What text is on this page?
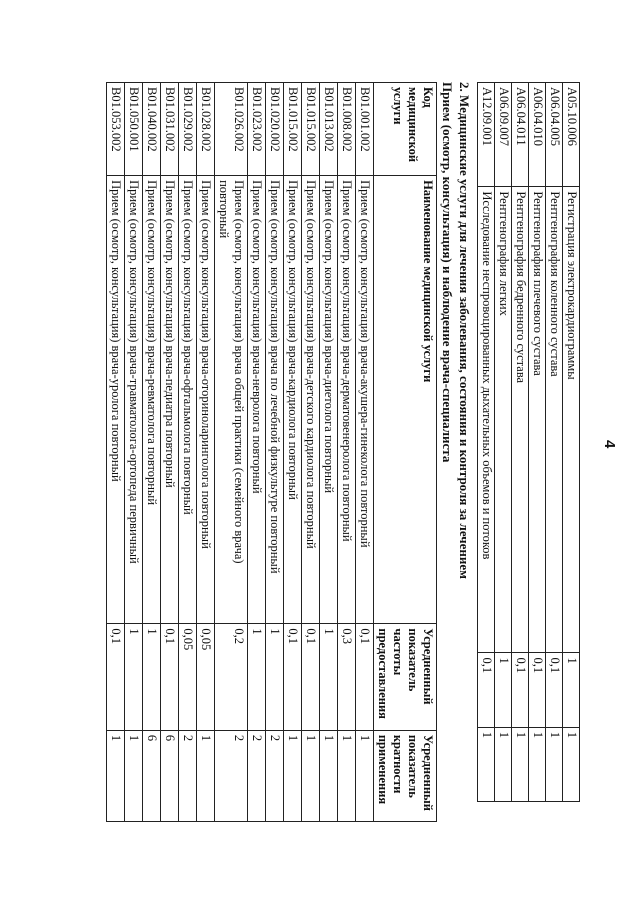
4
A05.10.006	Регистрация электрокардиограммы	1	1
A06.04.005	Рентгенография коленного сустава	0,1	1
A06.04.010	Рентгенография плечевого сустава	0,1	1
A06.04.011	Рентгенография бедренного сустава	0,1	1
A06.09.007	Рентгенография легких	1	1
A12.09.001	Исследование неспровоцированных дыхательных объемов и потоков	0,1	1
2. Медицинские услуги для лечения заболевания, состояния и контроля за лечением
Прием (осмотр, консультация) и наблюдение врача-специалиста
Код медицинской услуги	Наименование медицинской услуги	Усредненный показатель частоты предоставления	Усредненный показатель кратности применения
B01.001.002	Прием (осмотр, консультация) врача-акушера-гинеколога повторный	0,1	1
B01.008.002	Прием (осмотр, консультация) врача-дерматовенеролога повторный	0,3	1
B01.013.002	Прием (осмотр, консультация) врача-диетолога повторный	1	1
B01.015.002	Прием (осмотр, консультация) врача-детского кардиолога повторный	0,1	1
B01.015.002	Прием (осмотр, консультация) врача-кардиолога повторный	0,1	1
B01.020.002	Прием (осмотр, консультация) врача по лечебной физкультуре повторный	1	2
B01.023.002	Прием (осмотр, консультация) врача-невролога повторный	1	2
B01.026.002	Прием (осмотр, консультация) врача общей практики (семейного врача) повторный	0,2	2
B01.028.002	Прием (осмотр, консультация) врача-оториноларинголога повторный	0,05	1
B01.029.002	Прием (осмотр, консультация) врача-офтальмолога повторный	0,05	2
B01.031.002	Прием (осмотр, консультация) врача-педиатра повторный	0,1	6
B01.040.002	Прием (осмотр, консультация) врача-ревматолога повторный	1	6
B01.050.001	Прием (осмотр, консультация) врача-травматолога-ортопеда первичный	1	1
B01.053.002	Прием (осмотр, консультация) врача-уролога повторный	0,1	1
